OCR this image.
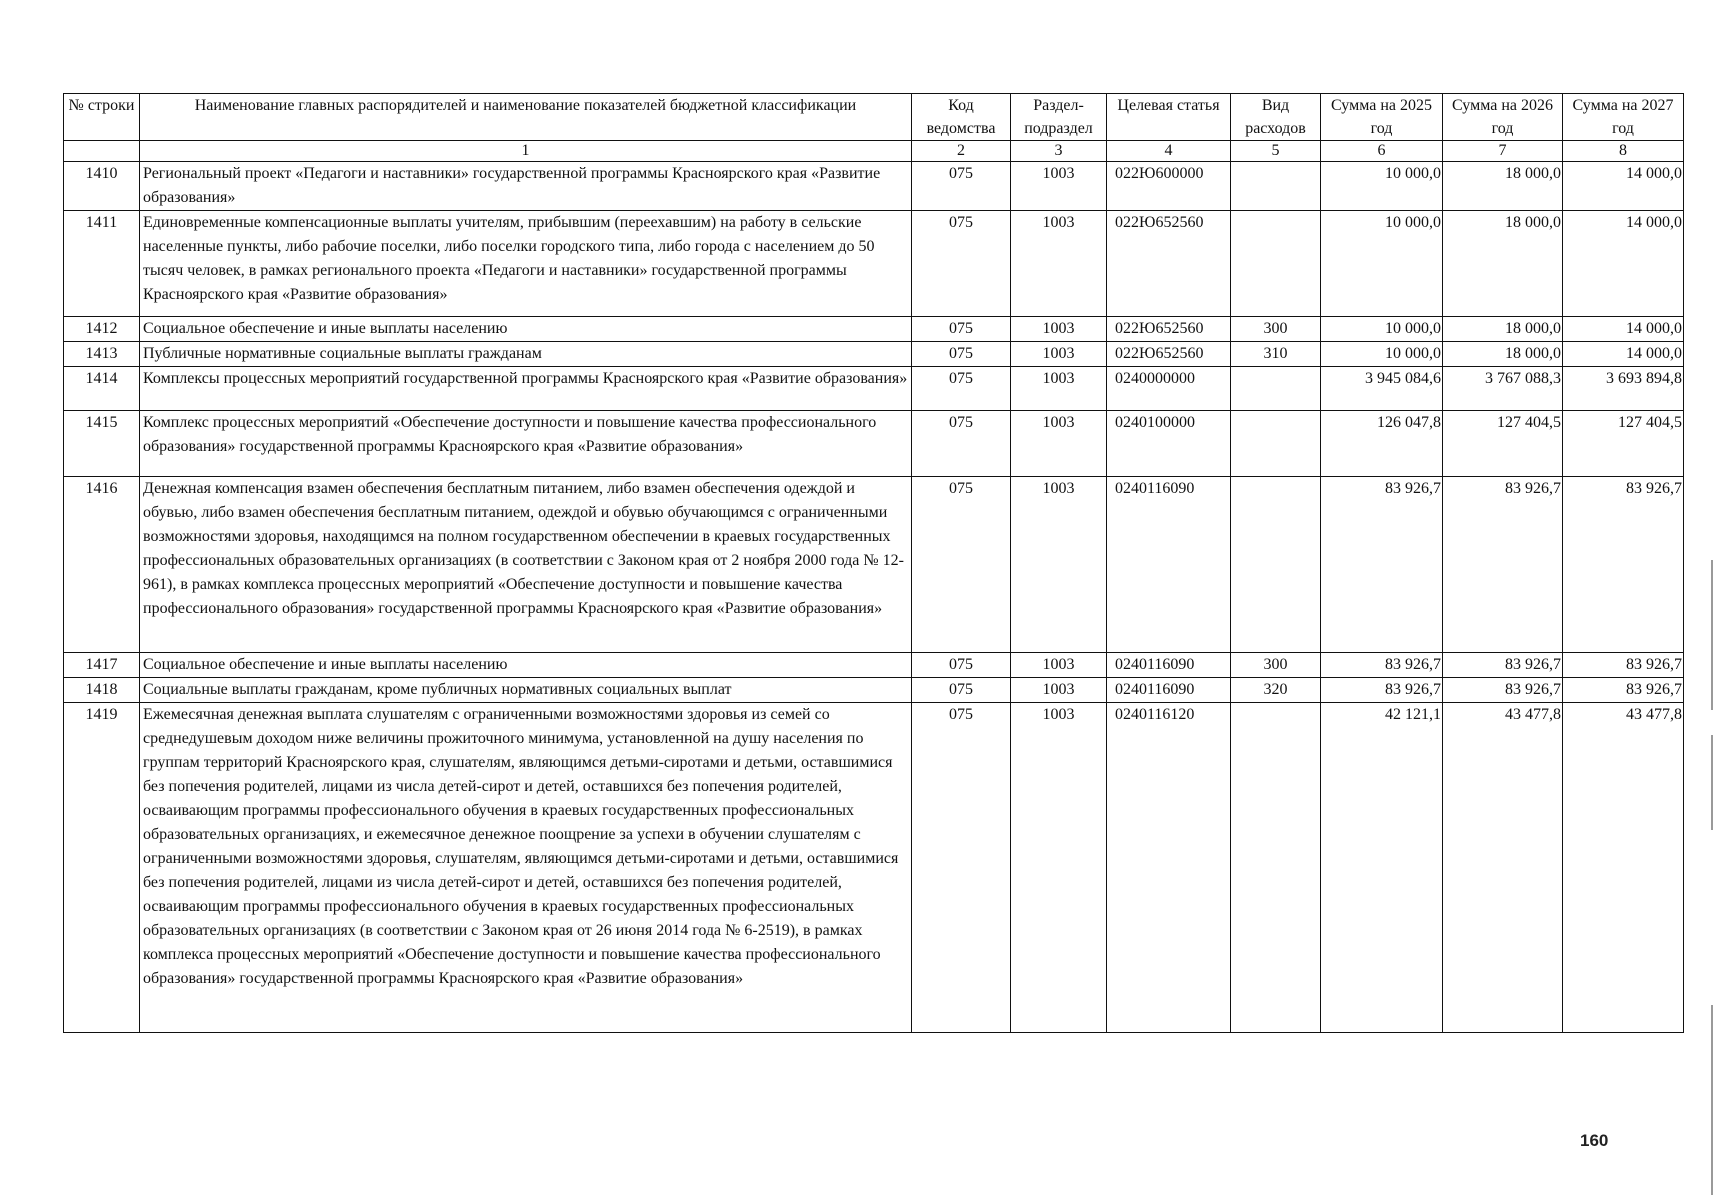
№ строки	Наименование главных распорядителей и наименование показателей бюджетной классификации	Код ведомства	Раздел-подраздел	Целевая статья	Вид расходов	Сумма на 2025 год	Сумма на 2026 год	Сумма на 2027 год
	1	2	3	4	5	6	7	8
1410	Региональный проект «Педагоги и наставники» государственной программы Красноярского края «Развитие образования»	075	1003	022Ю600000		10 000,0	18 000,0	14 000,0
1411	Единовременные компенсационные выплаты учителям, прибывшим (переехавшим) на работу в сельские населенные пункты, либо рабочие поселки, либо поселки городского типа, либо города с населением до 50 тысяч человек, в рамках регионального проекта «Педагоги и наставники» государственной программы Красноярского края «Развитие образования»	075	1003	022Ю652560		10 000,0	18 000,0	14 000,0
1412	Социальное обеспечение и иные выплаты населению	075	1003	022Ю652560	300	10 000,0	18 000,0	14 000,0
1413	Публичные нормативные социальные выплаты гражданам	075	1003	022Ю652560	310	10 000,0	18 000,0	14 000,0
1414	Комплексы процессных мероприятий государственной программы Красноярского края «Развитие образования»	075	1003	0240000000		3 945 084,6	3 767 088,3	3 693 894,8
1415	Комплекс процессных мероприятий «Обеспечение доступности и повышение качества профессионального образования» государственной программы Красноярского края «Развитие образования»	075	1003	0240100000		126 047,8	127 404,5	127 404,5
1416	Денежная компенсация взамен обеспечения бесплатным питанием, либо взамен обеспечения одеждой и обувью, либо взамен обеспечения бесплатным питанием, одеждой и обувью обучающимся с ограниченными возможностями здоровья, находящимся на полном государственном обеспечении в краевых государственных профессиональных образовательных организациях (в соответствии с Законом края от 2 ноября 2000 года № 12-961), в рамках комплекса процессных мероприятий «Обеспечение доступности и повышение качества профессионального образования» государственной программы Красноярского края «Развитие образования»	075	1003	0240116090		83 926,7	83 926,7	83 926,7
1417	Социальное обеспечение и иные выплаты населению	075	1003	0240116090	300	83 926,7	83 926,7	83 926,7
1418	Социальные выплаты гражданам, кроме публичных нормативных социальных выплат	075	1003	0240116090	320	83 926,7	83 926,7	83 926,7
1419	Ежемесячная денежная выплата слушателям с ограниченными возможностями здоровья из семей со среднедушевым доходом ниже величины прожиточного минимума, установленной на душу населения по группам территорий Красноярского края, слушателям, являющимся детьми-сиротами и детьми, оставшимися без попечения родителей, лицами из числа детей-сирот и детей, оставшихся без попечения родителей, осваивающим программы профессионального обучения в краевых государственных профессиональных образовательных организациях, и ежемесячное денежное поощрение за успехи в обучении слушателям с ограниченными возможностями здоровья, слушателям, являющимся детьми-сиротами и детьми, оставшимися без попечения родителей, лицами из числа детей-сирот и детей, оставшихся без попечения родителей, осваивающим программы профессионального обучения в краевых государственных профессиональных образовательных организациях (в соответствии с Законом края от 26 июня 2014 года № 6-2519), в рамках комплекса процессных мероприятий «Обеспечение доступности и повышение качества профессионального образования» государственной программы Красноярского края «Развитие образования»	075	1003	0240116120		42 121,1	43 477,8	43 477,8
160
